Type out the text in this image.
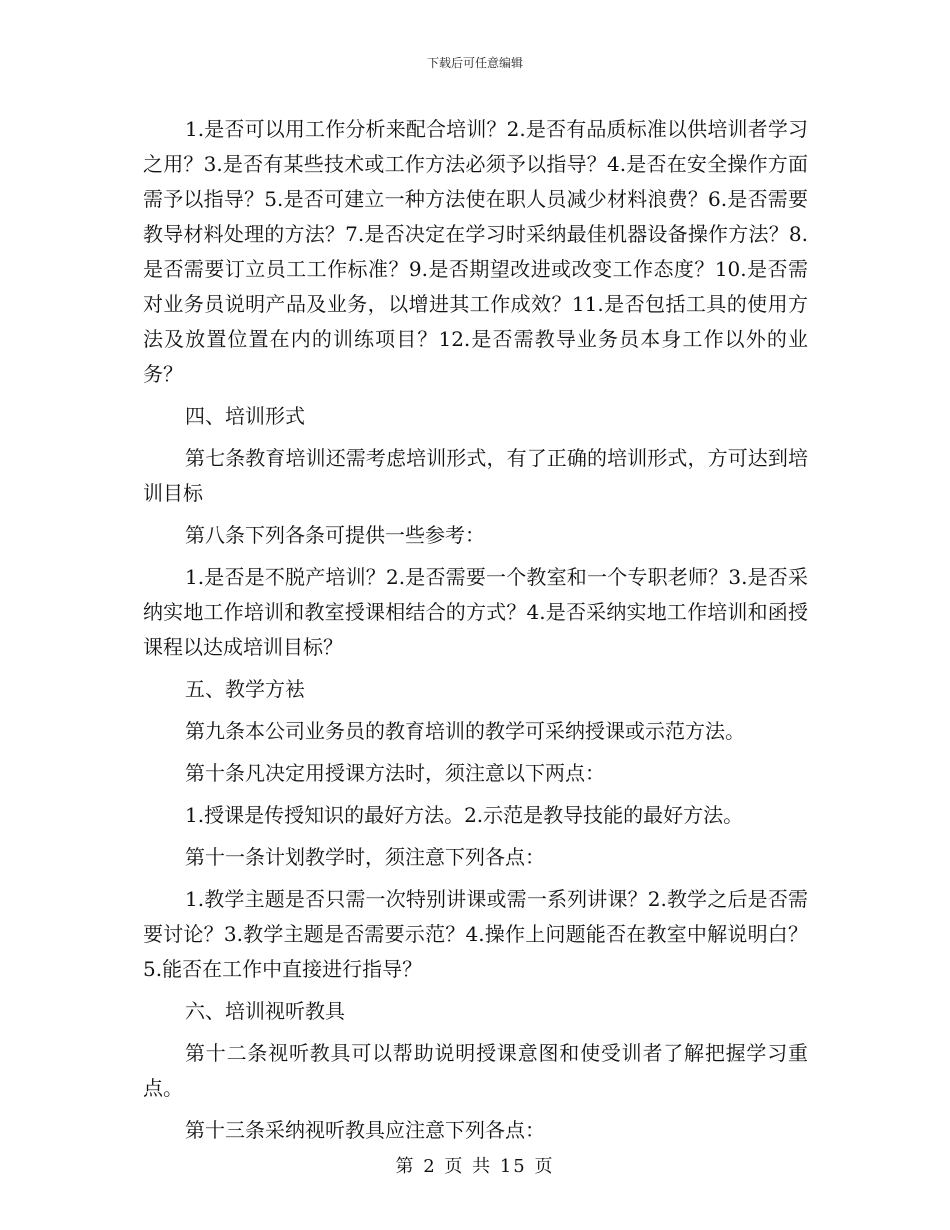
下载后可任意编辑

1.是否可以用工作分析来配合培训？2.是否有品质标准以供培训者学习之用？3.是否有某些技术或工作方法必须予以指导？4.是否在安全操作方面需予以指导？5.是否可建立一种方法使在职人员减少材料浪费？6.是否需要教导材料处理的方法？7.是否决定在学习时采纳最佳机器设备操作方法？8.是否需要订立员工工作标准？9.是否期望改进或改变工作态度？10.是否需对业务员说明产品及业务，以增进其工作成效？11.是否包括工具的使用方法及放置位置在内的训练项目？12.是否需教导业务员本身工作以外的业务？

四、培训形式

第七条教育培训还需考虑培训形式，有了正确的培训形式，方可达到培训目标

第八条下列各条可提供一些参考：

1.是否是不脱产培训？2.是否需要一个教室和一个专职老师？3.是否采纳实地工作培训和教室授课相结合的方式？4.是否采纳实地工作培训和函授课程以达成培训目标？

五、教学方袪

第九条本公司业务员的教育培训的教学可采纳授课或示范方法。

第十条凡决定用授课方法时，须注意以下两点：

1.授课是传授知识的最好方法。2.示范是教导技能的最好方法。

第十一条计划教学时，须注意下列各点：

1.教学主题是否只需一次特别讲课或需一系列讲课？2.教学之后是否需要讨论？3.教学主题是否需要示范？4.操作上问题能否在教室中解说明白？5.能否在工作中直接进行指导？

六、培训视听教具

第十二条视听教具可以帮助说明授课意图和使受训者了解把握学习重点。

第十三条采纳视听教具应注意下列各点：

第 2 页 共 15 页
